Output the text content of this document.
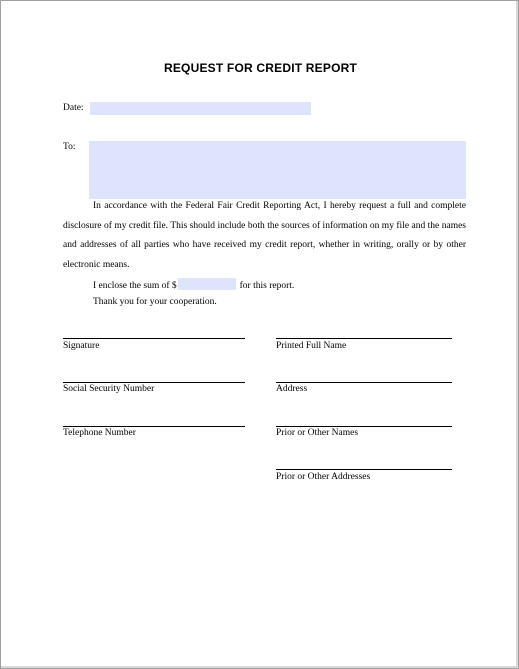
REQUEST FOR CREDIT REPORT
Date:
To:
In accordance with the Federal Fair Credit Reporting Act, I hereby request a full and complete disclosure of my credit file. This should include both the sources of information on my file and the names and addresses of all parties who have received my credit report, whether in writing, orally or by other electronic means.
I enclose the sum of $	for this report.
Thank you for your cooperation.
Signature
Social Security Number
Telephone Number
Printed Full Name
Address
Prior or Other Names
Prior or Other Addresses
